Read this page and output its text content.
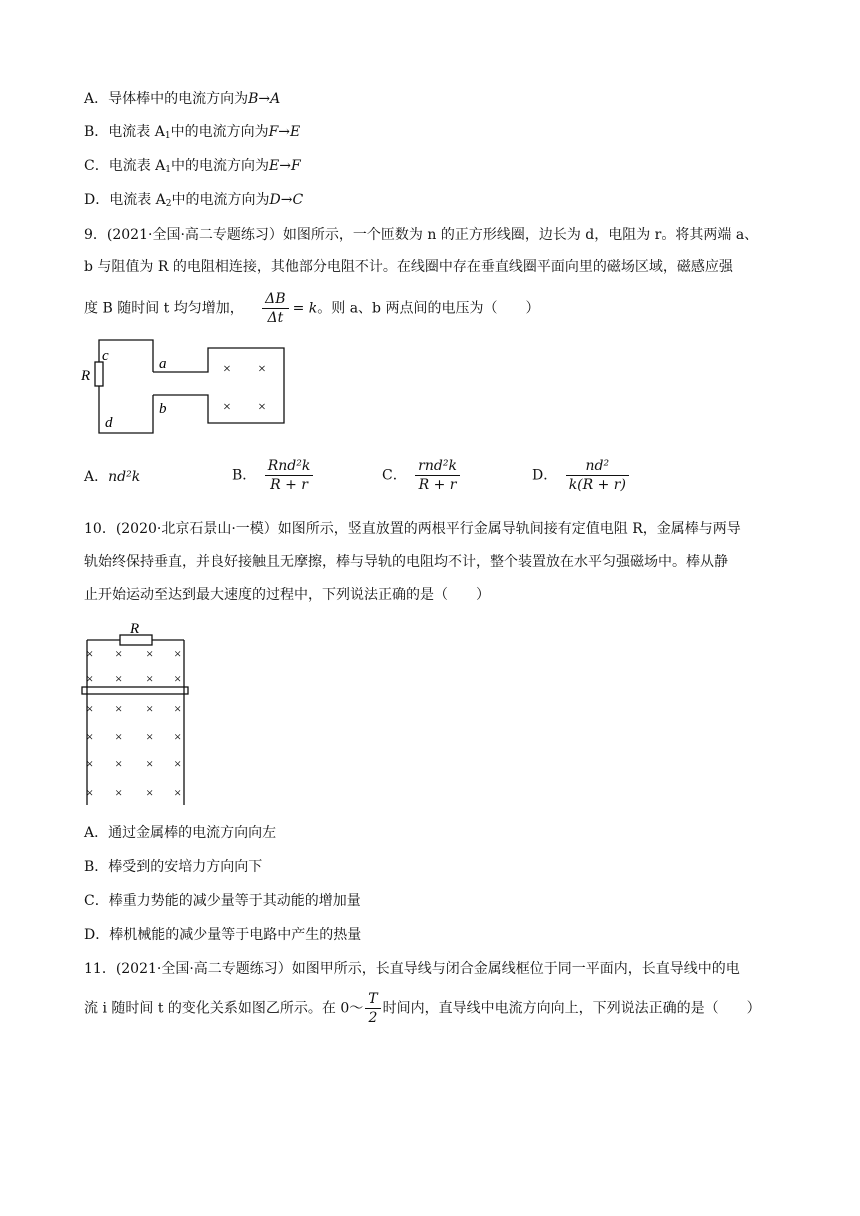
A．导体棒中的电流方向为B→A
B．电流表 A1中的电流方向为F→E
C．电流表 A1中的电流方向为E→F
D．电流表 A2中的电流方向为D→C
9．(2021·全国·高二专题练习）如图所示，一个匝数为 n 的正方形线圈，边长为 d，电阻为 r。将其两端 a、
b 与阻值为 R 的电阻相连接，其他部分电阻不计。在线圈中存在垂直线圈平面向里的磁场区域，磁感应强
度 B 随时间 t 均匀增加， $\frac{\Delta B}{\Delta t} = k$。则 a、b 两点间的电压为（　　）
c
R
d
a
b
× ×
× ×
A．nd²k	B． $\frac{\text{Rnd²k}}{R + r}$	C． $\frac{\text{rnd²k}}{R + r}$	D． $\frac{\text{nd²}}{k(R + r)}$
10．(2020·北京石景山·一模）如图所示，竖直放置的两根平行金属导轨间接有定值电阻 R，金属棒与两导
轨始终保持垂直，并良好接触且无摩擦，棒与导轨的电阻均不计，整个装置放在水平匀强磁场中。棒从静
止开始运动至达到最大速度的过程中，下列说法正确的是（　　）
× × × ×
× × × ×
× × × ×
× × × ×
× × × ×
× × × ×
R
A．通过金属棒的电流方向向左
B．棒受到的安培力方向向下
C．棒重力势能的减少量等于其动能的增加量
D．棒机械能的减少量等于电路中产生的热量
11．(2021·全国·高二专题练习）如图甲所示，长直导线与闭合金属线框位于同一平面内，长直导线中的电
流 i 随时间 t 的变化关系如图乙所示。在 0～ $\frac{T}{2}$ 时间内，直导线中电流方向向上，下列说法正确的是（　　）
